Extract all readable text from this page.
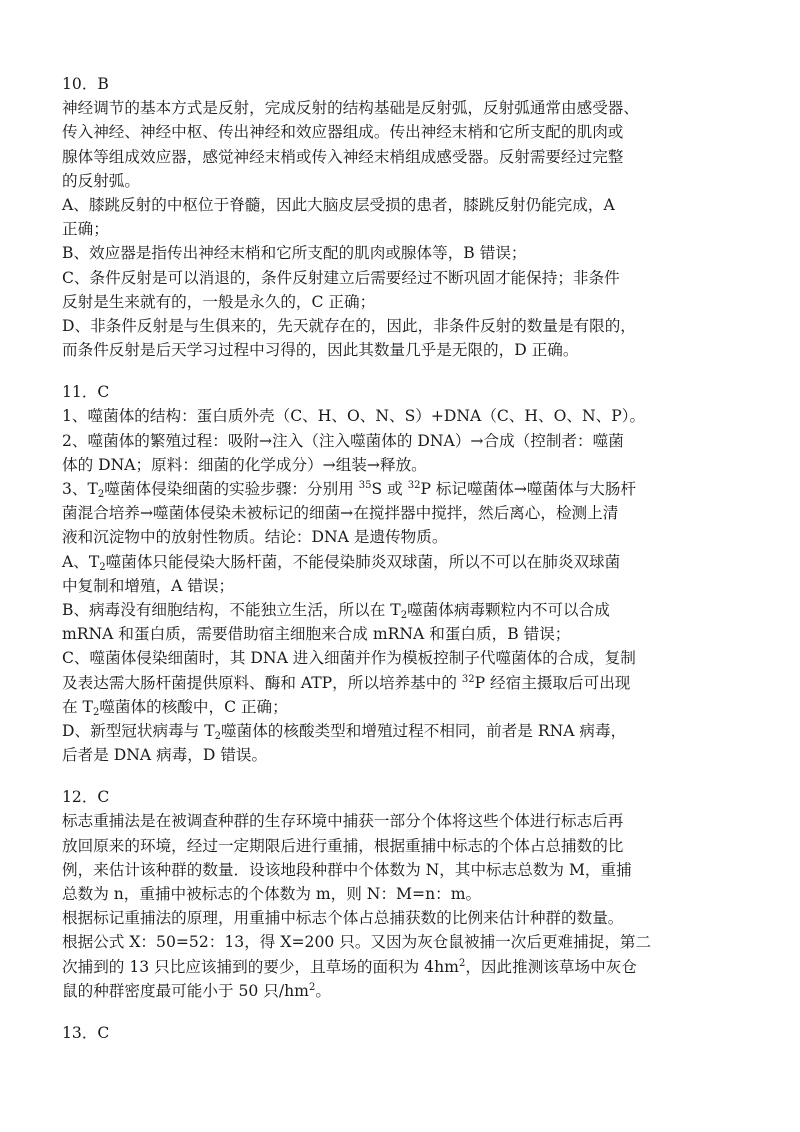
10．B
神经调节的基本方式是反射，完成反射的结构基础是反射弧，反射弧通常由感受器、
传入神经、神经中枢、传出神经和效应器组成。传出神经末梢和它所支配的肌肉或
腺体等组成效应器，感觉神经末梢或传入神经末梢组成感受器。反射需要经过完整
的反射弧。
A、膝跳反射的中枢位于脊髓，因此大脑皮层受损的患者，膝跳反射仍能完成，A
正确；
B、效应器是指传出神经末梢和它所支配的肌肉或腺体等，B 错误；
C、条件反射是可以消退的，条件反射建立后需要经过不断巩固才能保持；非条件
反射是生来就有的，一般是永久的，C 正确；
D、非条件反射是与生俱来的，先天就存在的，因此，非条件反射的数量是有限的，
而条件反射是后天学习过程中习得的，因此其数量几乎是无限的，D 正确。
11．C
1、噬菌体的结构：蛋白质外壳（C、H、O、N、S）+DNA（C、H、O、N、P）。
2、噬菌体的繁殖过程：吸附→注入（注入噬菌体的 DNA）→合成（控制者：噬菌
体的 DNA；原料：细菌的化学成分）→组装→释放。
3、$T_2$噬菌体侵染细菌的实验步骤：分别用 $^{35}$S 或 $^{32}$P 标记噬菌体→噬菌体与大肠杆
菌混合培养→噬菌体侵染未被标记的细菌→在搅拌器中搅拌，然后离心，检测上清
液和沉淀物中的放射性物质。结论：DNA 是遗传物质。
A、$T_2$噬菌体只能侵染大肠杆菌，不能侵染肺炎双球菌，所以不可以在肺炎双球菌
中复制和增殖，A 错误；
B、病毒没有细胞结构，不能独立生活，所以在 $T_2$噬菌体病毒颗粒内不可以合成
mRNA 和蛋白质，需要借助宿主细胞来合成 mRNA 和蛋白质，B 错误；
C、噬菌体侵染细菌时，其 DNA 进入细菌并作为模板控制子代噬菌体的合成，复制
及表达需大肠杆菌提供原料、酶和 ATP，所以培养基中的 $^{32}$P 经宿主摄取后可出现
在 $T_2$噬菌体的核酸中，C 正确；
D、新型冠状病毒与 $T_2$噬菌体的核酸类型和增殖过程不相同，前者是 RNA 病毒，
后者是 DNA 病毒，D 错误。
12．C
标志重捕法是在被调查种群的生存环境中捕获一部分个体将这些个体进行标志后再
放回原来的环境，经过一定期限后进行重捕，根据重捕中标志的个体占总捕数的比
例，来估计该种群的数量．设该地段种群中个体数为 N，其中标志总数为 M，重捕
总数为 n，重捕中被标志的个体数为 m，则 N：M=n：m。
根据标记重捕法的原理，用重捕中标志个体占总捕获数的比例来估计种群的数量。
根据公式 X：50=52：13，得 X=200 只。又因为灰仓鼠被捕一次后更难捕捉，第二
次捕到的 13 只比应该捕到的要少，且草场的面积为 $4hm^2$，因此推测该草场中灰仓
鼠的种群密度最可能小于 50 只$/hm^2$。
13．C
